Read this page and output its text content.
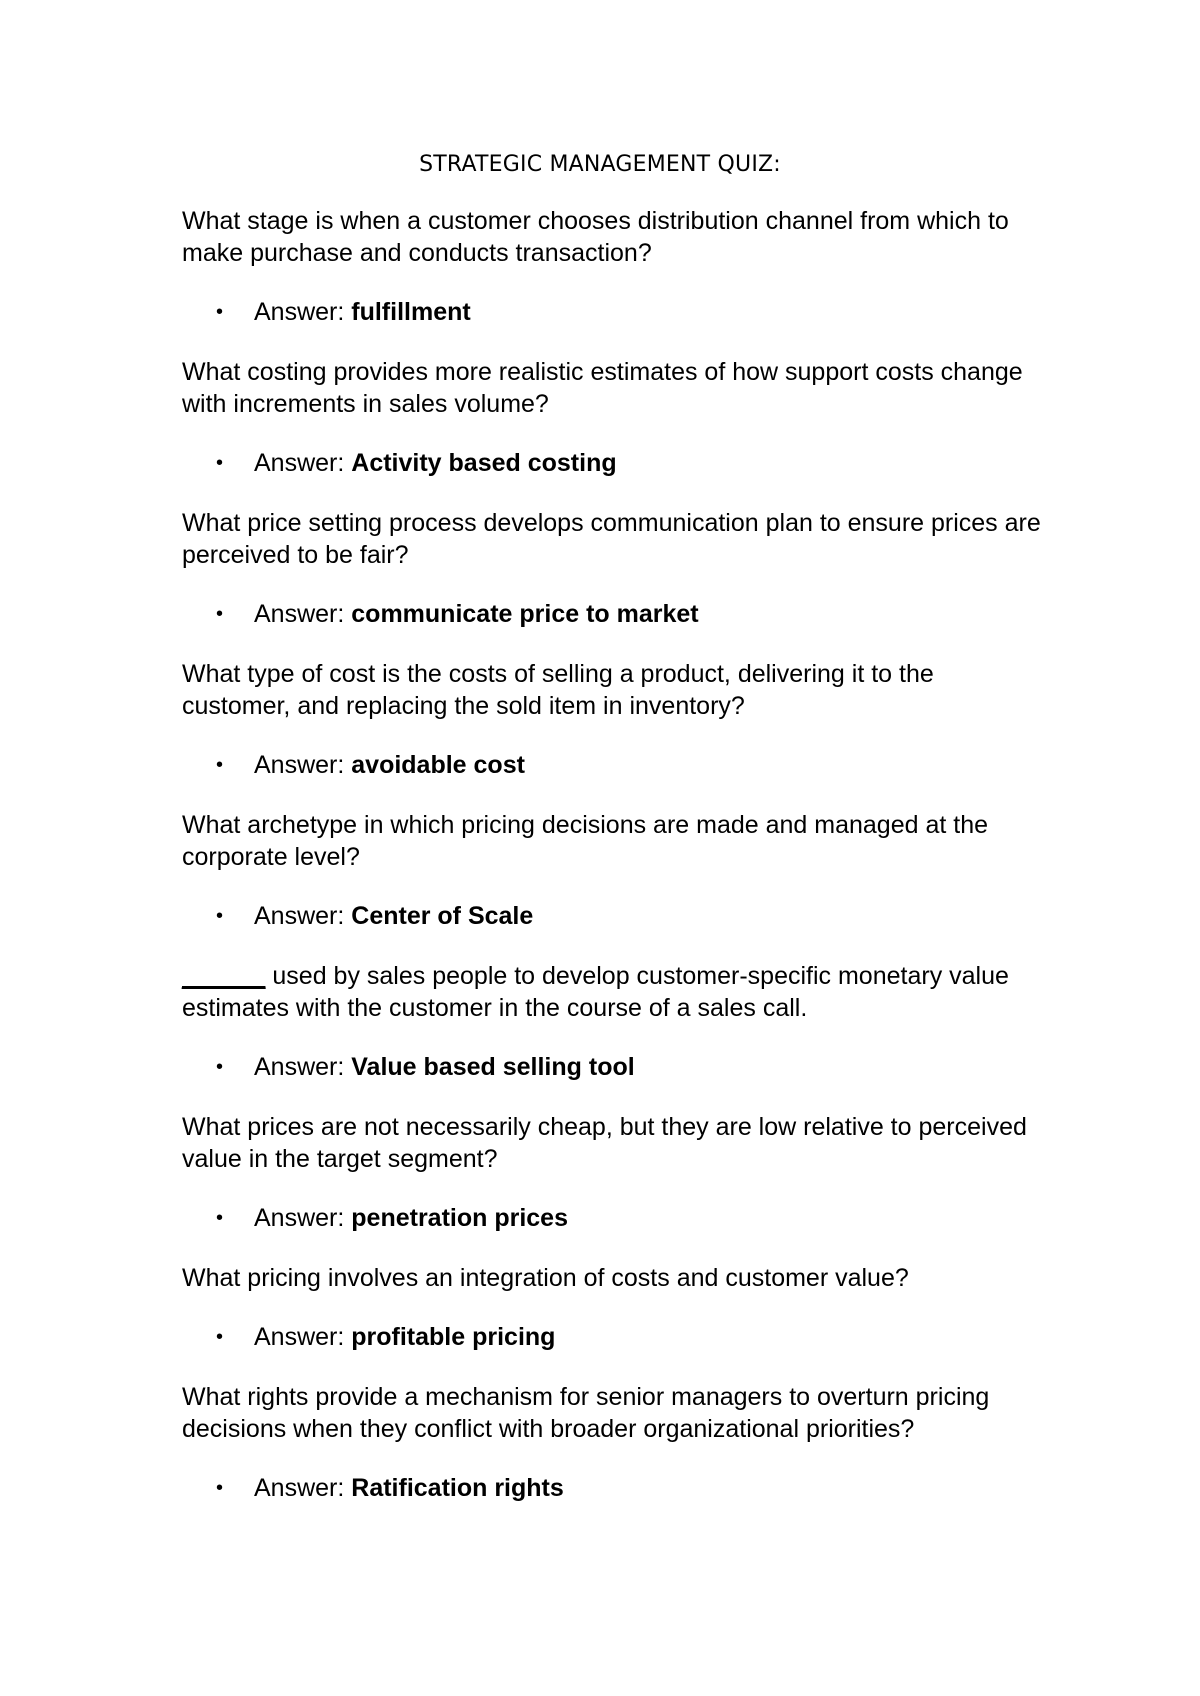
STRATEGIC MANAGEMENT QUIZ:

What stage is when a customer chooses distribution channel from which to make purchase and conducts transaction?

• Answer: fulfillment

What costing provides more realistic estimates of how support costs change with increments in sales volume?

• Answer: Activity based costing

What price setting process develops communication plan to ensure prices are perceived to be fair?

• Answer: communicate price to market

What type of cost is the costs of selling a product, delivering it to the customer, and replacing the sold item in inventory?

• Answer: avoidable cost

What archetype in which pricing decisions are made and managed at the corporate level?

• Answer: Center of Scale

______ used by sales people to develop customer-specific monetary value estimates with the customer in the course of a sales call.

• Answer: Value based selling tool

What prices are not necessarily cheap, but they are low relative to perceived value in the target segment?

• Answer: penetration prices

What pricing involves an integration of costs and customer value?

• Answer: profitable pricing

What rights provide a mechanism for senior managers to overturn pricing decisions when they conflict with broader organizational priorities?

• Answer: Ratification rights
